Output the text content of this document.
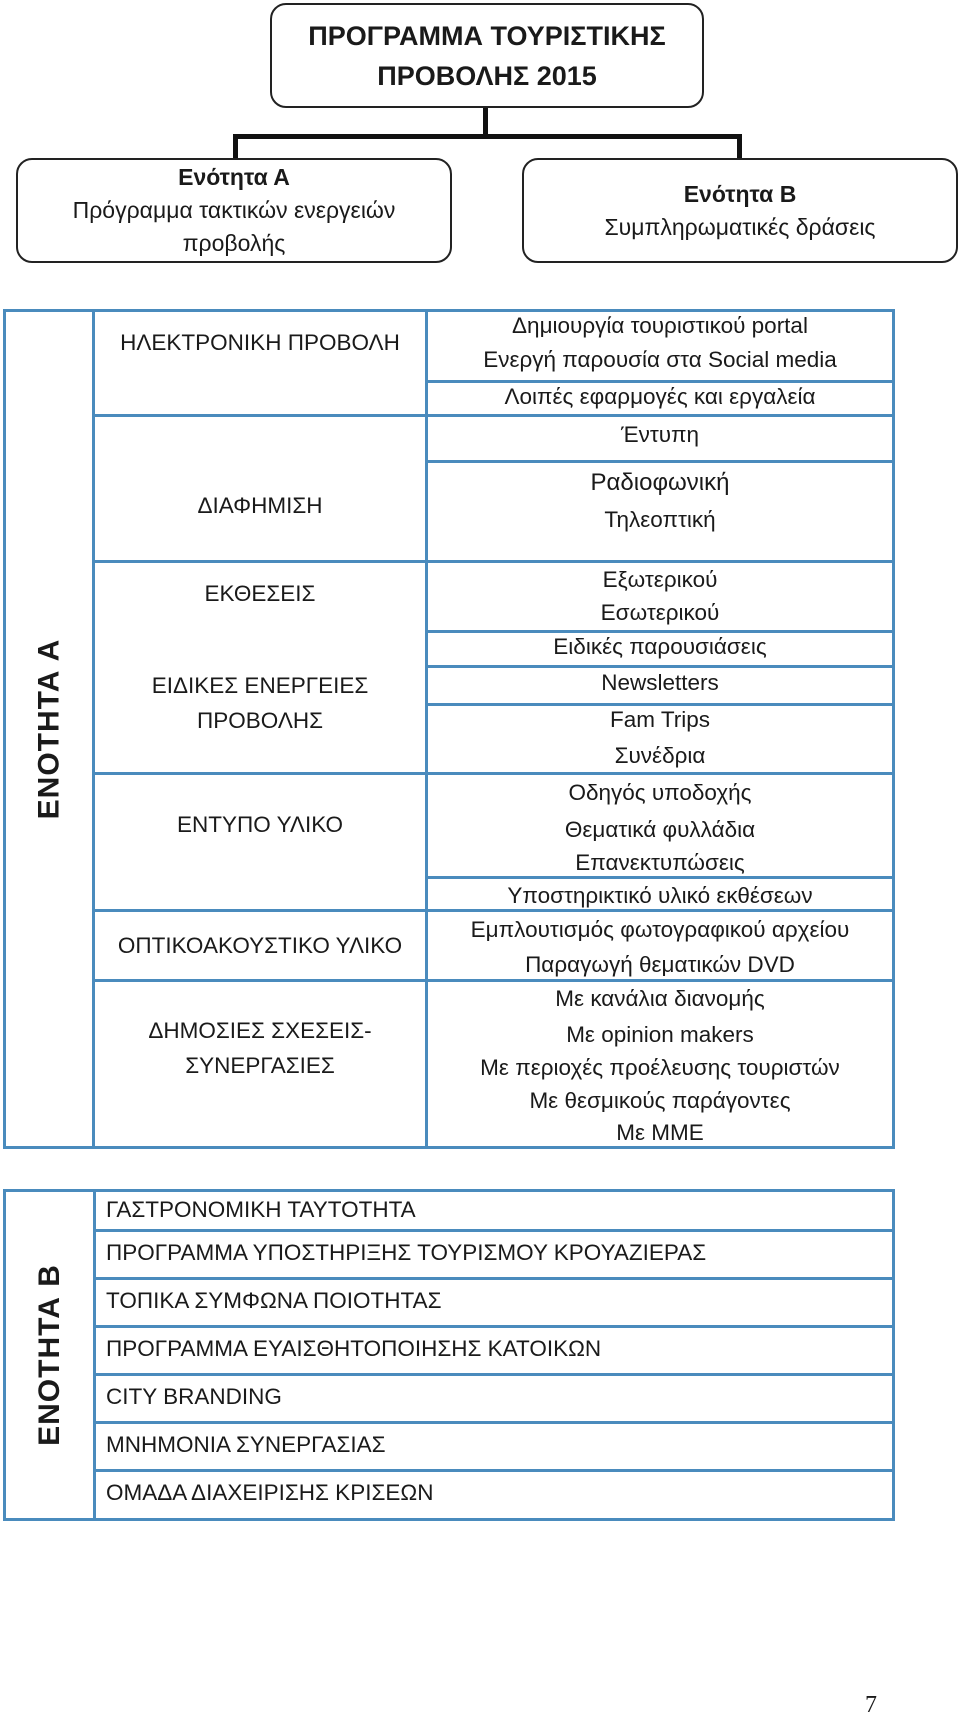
ΠΡΟΓΡΑΜΜΑ ΤΟΥΡΙΣΤΙΚΗΣ
ΠΡΟΒΟΛΗΣ 2015
Ενότητα Α
Πρόγραμμα τακτικών ενεργειών
προβολής
Ενότητα Β
Συμπληρωματικές δράσεις
ΕΝΟΤΗΤΑ Α
ΗΛΕΚΤΡΟΝΙΚΗ ΠΡΟΒΟΛΗ
ΔΙΑΦΗΜΙΣΗ
ΕΚΘΕΣΕΙΣ
ΕΙΔΙΚΕΣ ΕΝΕΡΓΕΙΕΣ
ΠΡΟΒΟΛΗΣ
ΕΝΤΥΠΟ ΥΛΙΚΟ
ΟΠΤΙΚΟΑΚΟΥΣΤΙΚΟ ΥΛΙΚΟ
ΔΗΜΟΣΙΕΣ ΣΧΕΣΕΙΣ-
ΣΥΝΕΡΓΑΣΙΕΣ
Δημιουργία τουριστικού portal
Ενεργή παρουσία στα Social media
Λοιπές εφαρμογές και εργαλεία
Έντυπη
Ραδιοφωνική
Τηλεοπτική
Εξωτερικού
Εσωτερικού
Ειδικές παρουσιάσεις
Newsletters
Fam Trips
Συνέδρια
Οδηγός υποδοχής
Θεματικά φυλλάδια
Επανεκτυπώσεις
Υποστηρικτικό υλικό εκθέσεων
Εμπλουτισμός φωτογραφικού αρχείου
Παραγωγή θεματικών DVD
Με κανάλια διανομής
Με opinion makers
Με περιοχές προέλευσης τουριστών
Με θεσμικούς παράγοντες
Με ΜΜΕ
ΕΝΟΤΗΤΑ Β
ΓΑΣΤΡΟΝΟΜΙΚΗ ΤΑΥΤΟΤΗΤΑ
ΠΡΟΓΡΑΜΜΑ ΥΠΟΣΤΗΡΙΞΗΣ ΤΟΥΡΙΣΜΟΥ ΚΡΟΥΑΖΙΕΡΑΣ
ΤΟΠΙΚΑ ΣΥΜΦΩΝΑ ΠΟΙΟΤΗΤΑΣ
ΠΡΟΓΡΑΜΜΑ ΕΥΑΙΣΘΗΤΟΠΟΙΗΣΗΣ ΚΑΤΟΙΚΩΝ
CITY BRANDING
ΜΝΗΜΟΝΙΑ ΣΥΝΕΡΓΑΣΙΑΣ
ΟΜΑΔΑ ΔΙΑΧΕΙΡΙΣΗΣ ΚΡΙΣΕΩΝ
7
